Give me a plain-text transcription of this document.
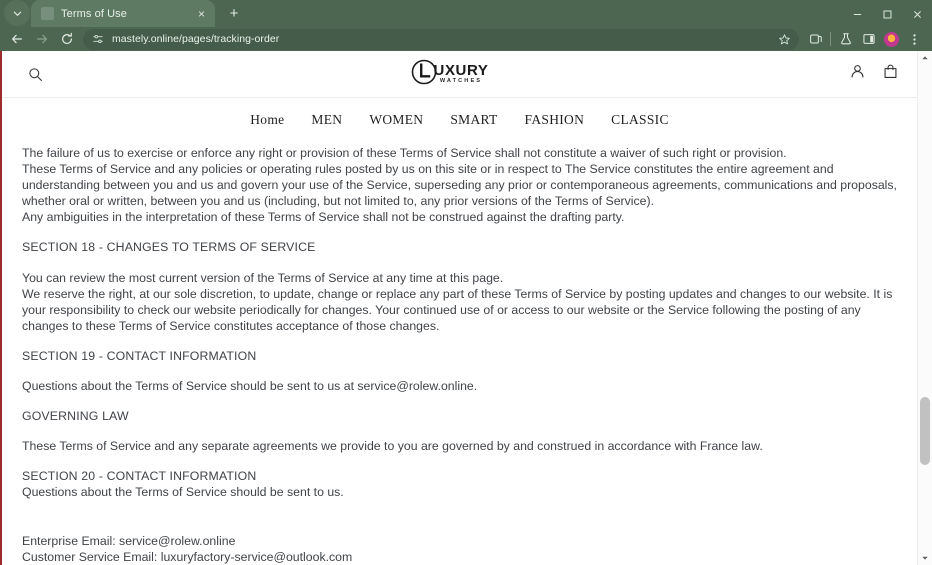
Terms of Use	×	+
mastely.online/pages/tracking-order
UXURY
WATCHES
Home MEN WOMEN SMART FASHION CLASSIC

The failure of us to exercise or enforce any right or provision of these Terms of Service shall not constitute a waiver of such right or provision.

These Terms of Service and any policies or operating rules posted by us on this site or in respect to The Service constitutes the entire agreement and understanding between you and us and govern your use of the Service, superseding any prior or contemporaneous agreements, communications and proposals, whether oral or written, between you and us (including, but not limited to, any prior versions of the Terms of Service).

Any ambiguities in the interpretation of these Terms of Service shall not be construed against the drafting party.

SECTION 18 - CHANGES TO TERMS OF SERVICE

You can review the most current version of the Terms of Service at any time at this page.

We reserve the right, at our sole discretion, to update, change or replace any part of these Terms of Service by posting updates and changes to our website. It is your responsibility to check our website periodically for changes. Your continued use of or access to our website or the Service following the posting of any changes to these Terms of Service constitutes acceptance of those changes.

SECTION 19 - CONTACT INFORMATION

Questions about the Terms of Service should be sent to us at service@rolew.online.

GOVERNING LAW

These Terms of Service and any separate agreements we provide to you are governed by and construed in accordance with France law.

SECTION 20 - CONTACT INFORMATION

Questions about the Terms of Service should be sent to us.

Enterprise Email: service@rolew.online

Customer Service Email: luxuryfactory-service@outlook.com
